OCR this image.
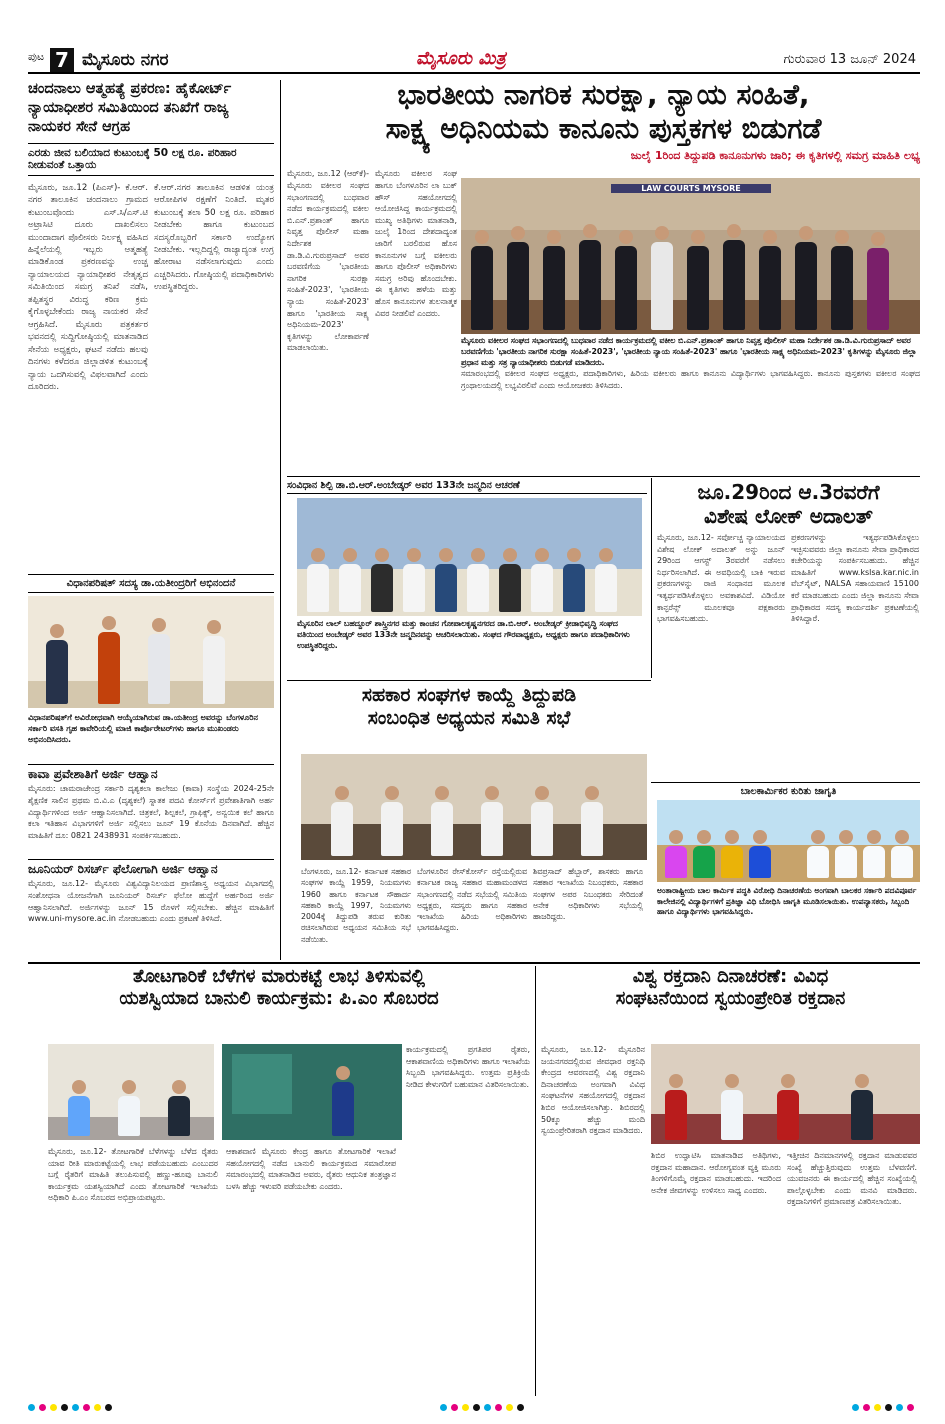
ಪುಟ 7 ಮೈಸೂರು ನಗರ	ಮೈಸೂರು ಮಿತ್ರ	ಗುರುವಾರ 13 ಜೂನ್ 2024
ಚಂದನಾಲು ಆತ್ಮಹತ್ಯೆ ಪ್ರಕರಣ: ಹೈಕೋರ್ಟ್ ನ್ಯಾಯಾಧೀಶರ ಸಮಿತಿಯಿಂದ ತನಿಖೆಗೆ ರಾಜ್ಯ ನಾಯಕರ ಸೇನೆ ಆಗ್ರಹ
ಎರಡು ಜೀವ ಬಲಿಯಾದ ಕುಟುಂಬಕ್ಕೆ 50 ಲಕ್ಷ ರೂ. ಪರಿಹಾರ ನೀಡುವಂತೆ ಒತ್ತಾಯ
ಮೈಸೂರು, ಜೂ.12 (ಪಿಎಸ್)- ಕೆ.ಆರ್. ನಗರ ತಾಲೂಕಿನ ಚಂದನಾಲು ಗ್ರಾಮದ ಕುಟುಂಬವೊಂದು ಎಸ್.ಸಿ/ಎಸ್.ಟಿ ಅಟ್ರಾಸಿಟಿ ದೂರು ದಾಖಲಿಸಲು ಮುಂದಾದಾಗ ಪೊಲೀಸರು ನಿರ್ಲಕ್ಷ್ಯ ವಹಿಸಿದ ಹಿನ್ನೆಲೆಯಲ್ಲಿ ಇಬ್ಬರು ಆತ್ಮಹತ್ಯೆ ಮಾಡಿಕೊಂಡ ಪ್ರಕರಣವನ್ನು ಉಚ್ಚ ನ್ಯಾಯಾಲಯದ ನ್ಯಾಯಾಧೀಶರ ನೇತೃತ್ವದ ಸಮಿತಿಯಿಂದ ಸಮಗ್ರ ತನಿಖೆ ನಡೆಸಿ, ತಪ್ಪಿತಸ್ಥರ ವಿರುದ್ಧ ಕಠಿಣ ಕ್ರಮ ಕೈಗೊಳ್ಳಬೇಕೆಂದು ರಾಜ್ಯ ನಾಯಕರ ಸೇನೆ ಆಗ್ರಹಿಸಿದೆ. ಮೈಸೂರು ಪತ್ರಕರ್ತರ ಭವನದಲ್ಲಿ ಸುದ್ದಿಗೋಷ್ಠಿಯಲ್ಲಿ ಮಾತನಾಡಿದ ಸೇನೆಯ ಅಧ್ಯಕ್ಷರು, ಘಟನೆ ನಡೆದು ಹಲವು ದಿನಗಳು ಕಳೆದರೂ ಜಿಲ್ಲಾಡಳಿತ ಕುಟುಂಬಕ್ಕೆ ನ್ಯಾಯ ಒದಗಿಸುವಲ್ಲಿ ವಿಫಲವಾಗಿದೆ ಎಂದು ದೂರಿದರು.
ಕೆ.ಆರ್.ನಗರ ತಾಲೂಕಿನ ಆಡಳಿತ ಯಂತ್ರ ಆರೋಪಿಗಳ ರಕ್ಷಣೆಗೆ ನಿಂತಿದೆ. ಮೃತರ ಕುಟುಂಬಕ್ಕೆ ತಲಾ 50 ಲಕ್ಷ ರೂ. ಪರಿಹಾರ ನೀಡಬೇಕು ಹಾಗೂ ಕುಟುಂಬದ ಸದಸ್ಯರೊಬ್ಬರಿಗೆ ಸರ್ಕಾರಿ ಉದ್ಯೋಗ ನೀಡಬೇಕು. ಇಲ್ಲದಿದ್ದಲ್ಲಿ ರಾಜ್ಯಾದ್ಯಂತ ಉಗ್ರ ಹೋರಾಟ ನಡೆಸಲಾಗುವುದು ಎಂದು ಎಚ್ಚರಿಸಿದರು. ಗೋಷ್ಠಿಯಲ್ಲಿ ಪದಾಧಿಕಾರಿಗಳು ಉಪಸ್ಥಿತರಿದ್ದರು.
ವಿಧಾನಪರಿಷತ್ ಸದಸ್ಯ ಡಾ.ಯತೀಂದ್ರರಿಗೆ ಅಭಿನಂದನೆ
ವಿಧಾನಪರಿಷತ್‌ಗೆ ಅವಿರೋಧವಾಗಿ ಆಯ್ಕೆಯಾಗಿರುವ ಡಾ.ಯತೀಂದ್ರ ಅವರನ್ನು ಬೆಂಗಳೂರಿನ ಸರ್ಕಾರಿ ವಸತಿ ಗೃಹ ಕಾವೇರಿಯಲ್ಲಿ ಮಾಜಿ ಕಾರ್ಪೊರೇಟರ್‌ಗಳು ಹಾಗೂ ಮುಖಂಡರು ಅಭಿನಂದಿಸಿದರು.
ಕಾವಾ ಪ್ರವೇಶಾತಿಗೆ ಅರ್ಜಿ ಆಹ್ವಾನ
ಮೈಸೂರು: ಚಾಮರಾಜೇಂದ್ರ ಸರ್ಕಾರಿ ದೃಶ್ಯಕಲಾ ಕಾಲೇಜು (ಕಾವಾ) ಸಂಸ್ಥೆಯ 2024-25ನೇ ಶೈಕ್ಷಣಿಕ ಸಾಲಿನ ಪ್ರಥಮ ಬಿ.ವಿ.ಎ (ದೃಶ್ಯಕಲೆ) ಸ್ನಾತಕ ಪದವಿ ಕೋರ್ಸ್‌ಗೆ ಪ್ರವೇಶಾತಿಗಾಗಿ ಅರ್ಹ ವಿದ್ಯಾರ್ಥಿಗಳಿಂದ ಅರ್ಜಿ ಆಹ್ವಾನಿಸಲಾಗಿದೆ. ಚಿತ್ರಕಲೆ, ಶಿಲ್ಪಕಲೆ, ಗ್ರಾಫಿಕ್ಸ್, ಅನ್ವಯಿಕ ಕಲೆ ಹಾಗೂ ಕಲಾ ಇತಿಹಾಸ ವಿಭಾಗಗಳಿಗೆ ಅರ್ಜಿ ಸಲ್ಲಿಸಲು ಜೂನ್ 19 ಕೊನೆಯ ದಿನವಾಗಿದೆ. ಹೆಚ್ಚಿನ ಮಾಹಿತಿಗೆ ದೂ: 0821 2438931 ಸಂಪರ್ಕಿಸಬಹುದು.
ಜೂನಿಯರ್ ರಿಸರ್ಚ್ ಫೆಲೋಗಾಗಿ ಅರ್ಜಿ ಆಹ್ವಾನ
ಮೈಸೂರು, ಜೂ.12- ಮೈಸೂರು ವಿಶ್ವವಿದ್ಯಾನಿಲಯದ ಪ್ರಾಣಿಶಾಸ್ತ್ರ ಅಧ್ಯಯನ ವಿಭಾಗದಲ್ಲಿ ಸಂಶೋಧನಾ ಯೋಜನೆಗಾಗಿ ಜೂನಿಯರ್ ರಿಸರ್ಚ್ ಫೆಲೋ ಹುದ್ದೆಗೆ ಅರ್ಹರಿಂದ ಅರ್ಜಿ ಆಹ್ವಾನಿಸಲಾಗಿದೆ. ಅರ್ಜಿಗಳನ್ನು ಜೂನ್ 15 ರೊಳಗೆ ಸಲ್ಲಿಸಬೇಕು. ಹೆಚ್ಚಿನ ಮಾಹಿತಿಗೆ www.uni-mysore.ac.in ನೋಡಬಹುದು ಎಂದು ಪ್ರಕಟಣೆ ತಿಳಿಸಿದೆ.
ಭಾರತೀಯ ನಾಗರಿಕ ಸುರಕ್ಷಾ, ನ್ಯಾಯ ಸಂಹಿತೆ,
ಸಾಕ್ಷ್ಯ ಅಧಿನಿಯಮ ಕಾನೂನು ಪುಸ್ತಕಗಳ ಬಿಡುಗಡೆ
ಜುಲೈ 1ರಿಂದ ತಿದ್ದುಪಡಿ ಕಾನೂನುಗಳು ಜಾರಿ; ಈ ಕೃತಿಗಳಲ್ಲಿ ಸಮಗ್ರ ಮಾಹಿತಿ ಲಭ್ಯ
ಮೈಸೂರು, ಜೂ.12 (ಆರ್‌ಕೆ)- ಮೈಸೂರು ವಕೀಲರ ಸಂಘದ ಸಭಾಂಗಣದಲ್ಲಿ ಬುಧವಾರ ನಡೆದ ಕಾರ್ಯಕ್ರಮದಲ್ಲಿ ವಕೀಲ ಬಿ.ಎನ್.ಪ್ರಶಾಂತ್ ಹಾಗೂ ನಿವೃತ್ತ ಪೊಲೀಸ್ ಮಹಾ ನಿರ್ದೇಶಕ ಡಾ.ಡಿ.ವಿ.ಗುರುಪ್ರಸಾದ್ ಅವರ ಬರವಣಿಗೆಯ 'ಭಾರತೀಯ ನಾಗರಿಕ ಸುರಕ್ಷಾ ಸಂಹಿತೆ-2023', 'ಭಾರತೀಯ ನ್ಯಾಯ ಸಂಹಿತೆ-2023' ಹಾಗೂ 'ಭಾರತೀಯ ಸಾಕ್ಷ್ಯ ಅಧಿನಿಯಮ-2023' ಕೃತಿಗಳನ್ನು ಲೋಕಾರ್ಪಣೆ ಮಾಡಲಾಯಿತು.
ಮೈಸೂರು ವಕೀಲರ ಸಂಘ ಹಾಗೂ ಬೆಂಗಳೂರಿನ ಲಾ ಬುಕ್ ಹೌಸ್ ಸಹಯೋಗದಲ್ಲಿ ಆಯೋಜಿಸಿದ್ದ ಕಾರ್ಯಕ್ರಮದಲ್ಲಿ ಮುಖ್ಯ ಅತಿಥಿಗಳು ಮಾತನಾಡಿ, ಜುಲೈ 1ರಿಂದ ದೇಶದಾದ್ಯಂತ ಜಾರಿಗೆ ಬರಲಿರುವ ಹೊಸ ಕಾನೂನುಗಳ ಬಗ್ಗೆ ವಕೀಲರು ಹಾಗೂ ಪೊಲೀಸ್ ಅಧಿಕಾರಿಗಳು ಸಮಗ್ರ ಅರಿವು ಹೊಂದಬೇಕು. ಈ ಕೃತಿಗಳು ಹಳೆಯ ಮತ್ತು ಹೊಸ ಕಾನೂನುಗಳ ತುಲನಾತ್ಮಕ ವಿವರ ನೀಡಲಿವೆ ಎಂದರು.
LAW COURTS MYSORE
ಮೈಸೂರು ವಕೀಲರ ಸಂಘದ ಸಭಾಂಗಣದಲ್ಲಿ ಬುಧವಾರ ನಡೆದ ಕಾರ್ಯಕ್ರಮದಲ್ಲಿ ವಕೀಲ ಬಿ.ಎನ್.ಪ್ರಶಾಂತ್ ಹಾಗೂ ನಿವೃತ್ತ ಪೊಲೀಸ್ ಮಹಾ ನಿರ್ದೇಶಕ ಡಾ.ಡಿ.ವಿ.ಗುರುಪ್ರಸಾದ್ ಅವರ ಬರವಣಿಗೆಯ 'ಭಾರತೀಯ ನಾಗರಿಕ ಸುರಕ್ಷಾ ಸಂಹಿತೆ-2023', 'ಭಾರತೀಯ ನ್ಯಾಯ ಸಂಹಿತೆ-2023' ಹಾಗೂ 'ಭಾರತೀಯ ಸಾಕ್ಷ್ಯ ಅಧಿನಿಯಮ-2023' ಕೃತಿಗಳನ್ನು ಮೈಸೂರು ಜಿಲ್ಲಾ ಪ್ರಧಾನ ಮತ್ತು ಸತ್ರ ನ್ಯಾಯಾಧೀಶರು ಬಿಡುಗಡೆ ಮಾಡಿದರು.
ಸಮಾರಂಭದಲ್ಲಿ ವಕೀಲರ ಸಂಘದ ಅಧ್ಯಕ್ಷರು, ಪದಾಧಿಕಾರಿಗಳು, ಹಿರಿಯ ವಕೀಲರು ಹಾಗೂ ಕಾನೂನು ವಿದ್ಯಾರ್ಥಿಗಳು ಭಾಗವಹಿಸಿದ್ದರು. ಕಾನೂನು ಪುಸ್ತಕಗಳು ವಕೀಲರ ಸಂಘದ ಗ್ರಂಥಾಲಯದಲ್ಲಿ ಲಭ್ಯವಿರಲಿವೆ ಎಂದು ಆಯೋಜಕರು ತಿಳಿಸಿದರು.
ಸಂವಿಧಾನ ಶಿಲ್ಪಿ ಡಾ.ಬಿ.ಆರ್.ಅಂಬೇಡ್ಕರ್ ಅವರ 133ನೇ ಜನ್ಮದಿನ ಆಚರಣೆ
ಮೈಸೂರಿನ ಲಾಲ್ ಬಹದ್ದೂರ್ ಶಾಸ್ತ್ರಿನಗರ ಮತ್ತು ಕಾಂಚನ ಗೋಪಾಲಕೃಷ್ಣನಗರದ ಡಾ.ಬಿ.ಆರ್. ಅಂಬೇಡ್ಕರ್ ಕ್ರೀಡಾಭಿವೃದ್ಧಿ ಸಂಘದ ವತಿಯಿಂದ ಅಂಬೇಡ್ಕರ್ ಅವರ 133ನೇ ಜನ್ಮದಿನವನ್ನು ಆಚರಿಸಲಾಯಿತು. ಸಂಘದ ಗೌರವಾಧ್ಯಕ್ಷರು, ಅಧ್ಯಕ್ಷರು ಹಾಗೂ ಪದಾಧಿಕಾರಿಗಳು ಉಪಸ್ಥಿತರಿದ್ದರು.
ಜೂ.29ರಿಂದ ಆ.3ರವರೆಗೆ
ವಿಶೇಷ ಲೋಕ್ ಅದಾಲತ್
ಮೈಸೂರು, ಜೂ.12- ಸರ್ವೋಚ್ಚ ನ್ಯಾಯಾಲಯದ ವಿಶೇಷ ಲೋಕ್ ಅದಾಲತ್ ಅನ್ನು ಜೂನ್ 29ರಿಂದ ಆಗಸ್ಟ್ 3ರವರೆಗೆ ನಡೆಸಲು ನಿರ್ಧರಿಸಲಾಗಿದೆ. ಈ ಅವಧಿಯಲ್ಲಿ ಬಾಕಿ ಇರುವ ಪ್ರಕರಣಗಳನ್ನು ರಾಜಿ ಸಂಧಾನದ ಮೂಲಕ ಇತ್ಯರ್ಥಪಡಿಸಿಕೊಳ್ಳಲು ಅವಕಾಶವಿದೆ. ವಿಡಿಯೋ ಕಾನ್ಫರೆನ್ಸ್ ಮೂಲಕವೂ ಪಕ್ಷಕಾರರು ಭಾಗವಹಿಸಬಹುದು.
ಪ್ರಕರಣಗಳನ್ನು ಇತ್ಯರ್ಥಪಡಿಸಿಕೊಳ್ಳಲು ಇಚ್ಛಿಸುವವರು ಜಿಲ್ಲಾ ಕಾನೂನು ಸೇವಾ ಪ್ರಾಧಿಕಾರದ ಕಚೇರಿಯನ್ನು ಸಂಪರ್ಕಿಸಬಹುದು. ಹೆಚ್ಚಿನ ಮಾಹಿತಿಗೆ www.kslsa.kar.nic.in ವೆಬ್‌ಸೈಟ್, NALSA ಸಹಾಯವಾಣಿ 15100 ಕರೆ ಮಾಡಬಹುದು ಎಂದು ಜಿಲ್ಲಾ ಕಾನೂನು ಸೇವಾ ಪ್ರಾಧಿಕಾರದ ಸದಸ್ಯ ಕಾರ್ಯದರ್ಶಿ ಪ್ರಕಟಣೆಯಲ್ಲಿ ತಿಳಿಸಿದ್ದಾರೆ.
ಸಹಕಾರ ಸಂಘಗಳ ಕಾಯ್ದೆ ತಿದ್ದುಪಡಿ
ಸಂಬಂಧಿತ ಅಧ್ಯಯನ ಸಮಿತಿ ಸಭೆ
ಬೆಂಗಳೂರು, ಜೂ.12- ಕರ್ನಾಟಕ ಸಹಕಾರ ಸಂಘಗಳ ಕಾಯ್ದೆ 1959, ನಿಯಮಗಳು 1960 ಹಾಗೂ ಕರ್ನಾಟಕ ಸೌಹಾರ್ದ ಸಹಕಾರಿ ಕಾಯ್ದೆ 1997, ನಿಯಮಗಳು 2004ಕ್ಕೆ ತಿದ್ದುಪಡಿ ತರುವ ಕುರಿತು ರಚಿಸಲಾಗಿರುವ ಅಧ್ಯಯನ ಸಮಿತಿಯ ಸಭೆ ನಡೆಯಿತು.
ಬೆಂಗಳೂರಿನ ರೇಸ್‌ಕೋರ್ಸ್ ರಸ್ತೆಯಲ್ಲಿರುವ ಕರ್ನಾಟಕ ರಾಜ್ಯ ಸಹಕಾರ ಮಹಾಮಂಡಳದ ಸಭಾಂಗಣದಲ್ಲಿ ನಡೆದ ಸಭೆಯಲ್ಲಿ ಸಮಿತಿಯ ಅಧ್ಯಕ್ಷರು, ಸದಸ್ಯರು ಹಾಗೂ ಸಹಕಾರ ಇಲಾಖೆಯ ಹಿರಿಯ ಅಧಿಕಾರಿಗಳು ಭಾಗವಹಿಸಿದ್ದರು.
ಶಿವಪ್ರಸಾದ್ ಹೆಬ್ಬಾರ್, ಶಾಸಕರು ಹಾಗೂ ಸಹಕಾರ ಇಲಾಖೆಯ ನಿಬಂಧಕರು, ಸಹಕಾರ ಸಂಘಗಳ ಅಪರ ನಿಬಂಧಕರು ಸೇರಿದಂತೆ ಅನೇಕ ಅಧಿಕಾರಿಗಳು ಸಭೆಯಲ್ಲಿ ಹಾಜರಿದ್ದರು.
ಬಾಲಕಾರ್ಮಿಕರ ಕುರಿತು ಜಾಗೃತಿ
ಅಂತಾರಾಷ್ಟ್ರೀಯ ಬಾಲ ಕಾರ್ಮಿಕ ಪದ್ಧತಿ ವಿರೋಧಿ ದಿನಾಚರಣೆಯ ಅಂಗವಾಗಿ ಬಾಲಕರ ಸರ್ಕಾರಿ ಪದವಿಪೂರ್ವ ಕಾಲೇಜಿನಲ್ಲಿ ವಿದ್ಯಾರ್ಥಿಗಳಿಗೆ ಪ್ರತಿಜ್ಞಾ ವಿಧಿ ಬೋಧಿಸಿ ಜಾಗೃತಿ ಮೂಡಿಸಲಾಯಿತು. ಉಪನ್ಯಾಸಕರು, ಸಿಬ್ಬಂದಿ ಹಾಗೂ ವಿದ್ಯಾರ್ಥಿಗಳು ಭಾಗವಹಿಸಿದ್ದರು.
ತೋಟಗಾರಿಕೆ ಬೆಳೆಗಳ ಮಾರುಕಟ್ಟೆ ಲಾಭ ತಿಳಿಸುವಲ್ಲಿ
ಯಶಸ್ವಿಯಾದ ಬಾನುಲಿ ಕಾರ್ಯಕ್ರಮ: ಪಿ.ಎಂ ಸೊಬರದ
ಕಾರ್ಯಕ್ರಮದಲ್ಲಿ ಪ್ರಗತಿಪರ ರೈತರು, ಆಕಾಶವಾಣಿಯ ಅಧಿಕಾರಿಗಳು ಹಾಗೂ ಇಲಾಖೆಯ ಸಿಬ್ಬಂದಿ ಭಾಗವಹಿಸಿದ್ದರು. ಉತ್ತಮ ಪ್ರತಿಕ್ರಿಯೆ ನೀಡಿದ ಕೇಳುಗರಿಗೆ ಬಹುಮಾನ ವಿತರಿಸಲಾಯಿತು.
ಮೈಸೂರು, ಜೂ.12- ತೋಟಗಾರಿಕೆ ಬೆಳೆಗಳನ್ನು ಬೆಳೆದ ರೈತರು ಯಾವ ರೀತಿ ಮಾರುಕಟ್ಟೆಯಲ್ಲಿ ಲಾಭ ಪಡೆಯಬಹುದು ಎಂಬುದರ ಬಗ್ಗೆ ರೈತರಿಗೆ ಮಾಹಿತಿ ತಲುಪಿಸುವಲ್ಲಿ ಹಣ್ಣು-ಹೂವು ಬಾನುಲಿ ಕಾರ್ಯಕ್ರಮ ಯಶಸ್ವಿಯಾಗಿದೆ ಎಂದು ತೋಟಗಾರಿಕೆ ಇಲಾಖೆಯ ಅಧಿಕಾರಿ ಪಿ.ಎಂ ಸೊಬರದ ಅಭಿಪ್ರಾಯಪಟ್ಟರು.
ಆಕಾಶವಾಣಿ ಮೈಸೂರು ಕೇಂದ್ರ ಹಾಗೂ ತೋಟಗಾರಿಕೆ ಇಲಾಖೆ ಸಹಯೋಗದಲ್ಲಿ ನಡೆದ ಬಾನುಲಿ ಕಾರ್ಯಕ್ರಮದ ಸಮಾರೋಪ ಸಮಾರಂಭದಲ್ಲಿ ಮಾತನಾಡಿದ ಅವರು, ರೈತರು ಆಧುನಿಕ ತಂತ್ರಜ್ಞಾನ ಬಳಸಿ ಹೆಚ್ಚು ಇಳುವರಿ ಪಡೆಯಬೇಕು ಎಂದರು.
ವಿಶ್ವ ರಕ್ತದಾನಿ ದಿನಾಚರಣೆ: ವಿವಿಧ
ಸಂಘಟನೆಯಿಂದ ಸ್ವಯಂಪ್ರೇರಿತ ರಕ್ತದಾನ
ಮೈಸೂರು, ಜೂ.12- ಮೈಸೂರಿನ ಜಯನಗರದಲ್ಲಿರುವ ಜೀವಧಾರ ರಕ್ತನಿಧಿ ಕೇಂದ್ರದ ಆವರಣದಲ್ಲಿ ವಿಶ್ವ ರಕ್ತದಾನಿ ದಿನಾಚರಣೆಯ ಅಂಗವಾಗಿ ವಿವಿಧ ಸಂಘಟನೆಗಳ ಸಹಯೋಗದಲ್ಲಿ ರಕ್ತದಾನ ಶಿಬಿರ ಆಯೋಜಿಸಲಾಗಿತ್ತು. ಶಿಬಿರದಲ್ಲಿ 50ಕ್ಕೂ ಹೆಚ್ಚು ಮಂದಿ ಸ್ವಯಂಪ್ರೇರಿತರಾಗಿ ರಕ್ತದಾನ ಮಾಡಿದರು.
ಶಿಬಿರ ಉದ್ಘಾಟಿಸಿ ಮಾತನಾಡಿದ ಅತಿಥಿಗಳು, ರಕ್ತದಾನ ಮಹಾದಾನ. ಆರೋಗ್ಯವಂತ ವ್ಯಕ್ತಿ ಮೂರು ತಿಂಗಳಿಗೊಮ್ಮೆ ರಕ್ತದಾನ ಮಾಡಬಹುದು. ಇದರಿಂದ ಅನೇಕ ಜೀವಗಳನ್ನು ಉಳಿಸಲು ಸಾಧ್ಯ ಎಂದರು.
ಇತ್ತೀಚಿನ ದಿನಮಾನಗಳಲ್ಲಿ ರಕ್ತದಾನ ಮಾಡುವವರ ಸಂಖ್ಯೆ ಹೆಚ್ಚುತ್ತಿರುವುದು ಉತ್ತಮ ಬೆಳವಣಿಗೆ. ಯುವಜನರು ಈ ಕಾರ್ಯದಲ್ಲಿ ಹೆಚ್ಚಿನ ಸಂಖ್ಯೆಯಲ್ಲಿ ಪಾಲ್ಗೊಳ್ಳಬೇಕು ಎಂದು ಮನವಿ ಮಾಡಿದರು. ರಕ್ತದಾನಿಗಳಿಗೆ ಪ್ರಮಾಣಪತ್ರ ವಿತರಿಸಲಾಯಿತು.
